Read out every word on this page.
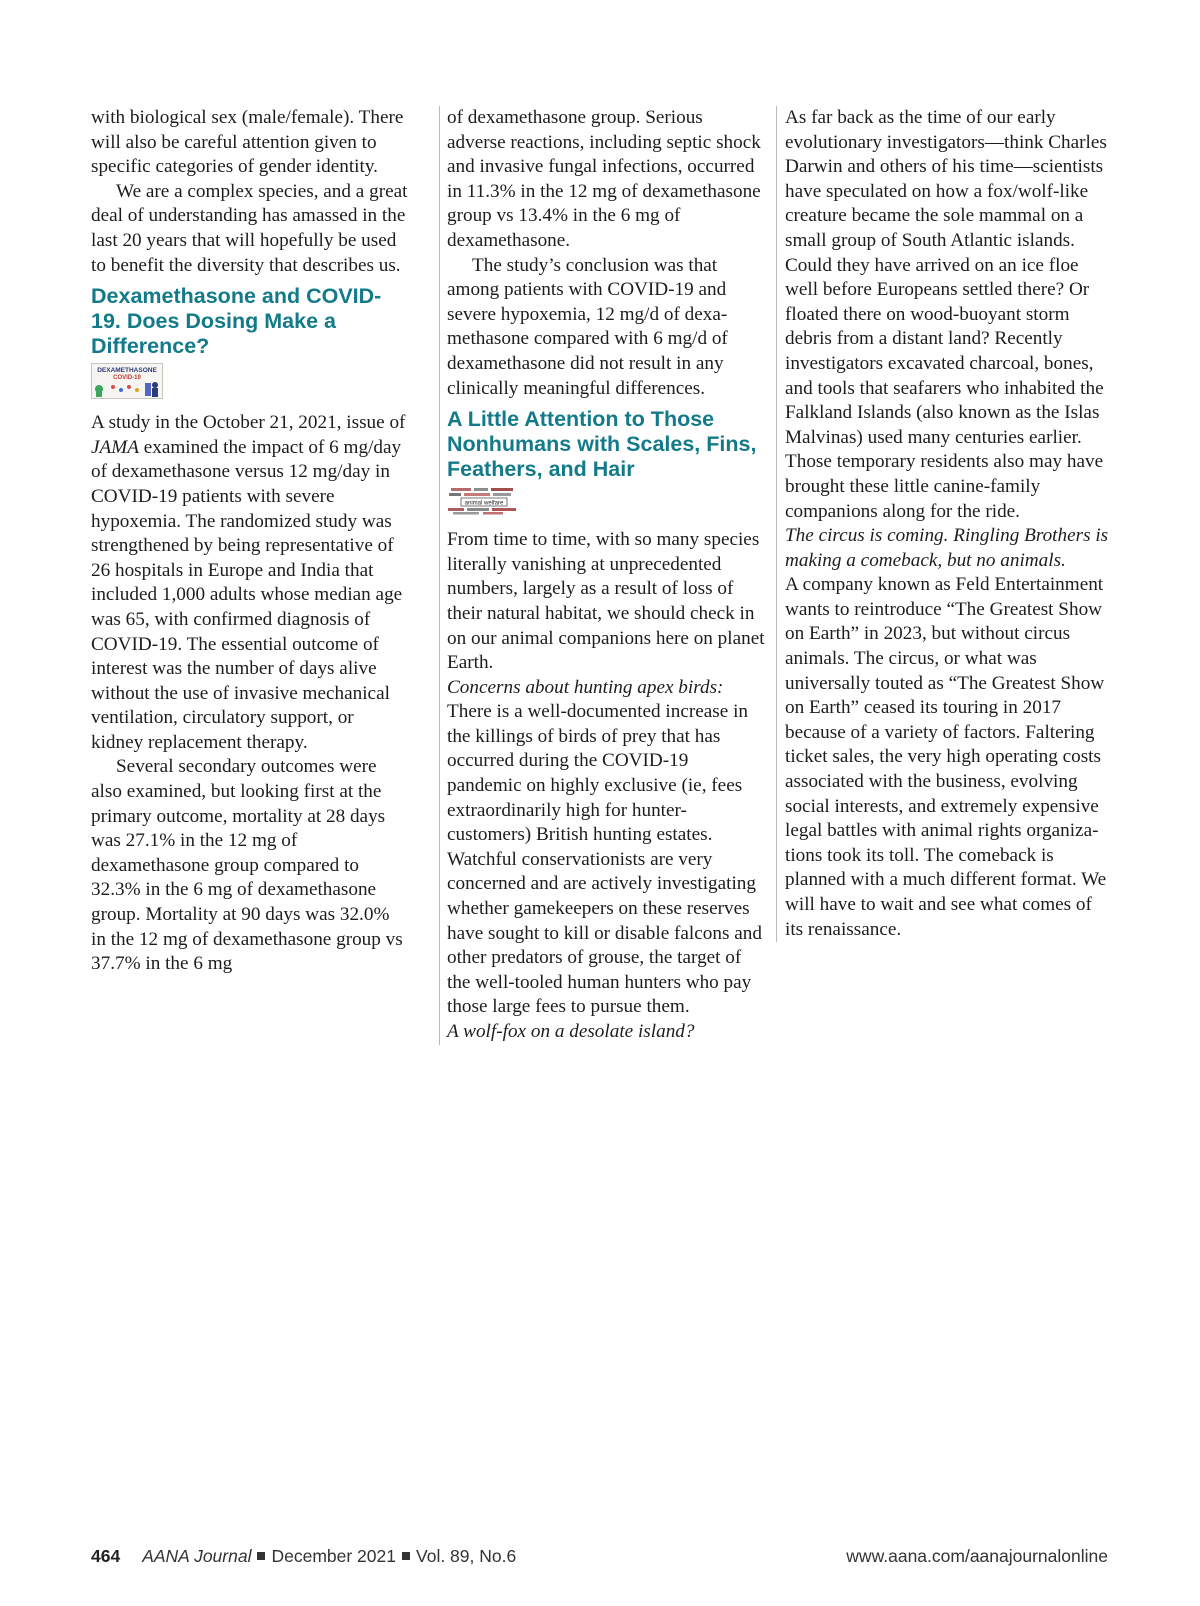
with biological sex (male/female). There will also be careful attention given to specific categories of gender identity.

We are a complex species, and a great deal of understanding has amassed in the last 20 years that will hopefully be used to benefit the diversity that describes us.

Dexamethasone and COVID-19. Does Dosing Make a Difference?
DEXAMETHASONE
COVID-19

A study in the October 21, 2021, issue of JAMA examined the impact of 6 mg/day of dexamethasone versus 12 mg/day in COVID-19 patients with severe hypoxemia. The randomized study was strengthened by being representative of 26 hospitals in Europe and India that included 1,000 adults whose median age was 65, with confirmed diagnosis of COVID-19. The essential outcome of interest was the number of days alive without the use of invasive mechanical ventilation, circulatory support, or kidney replacement therapy.

Several secondary outcomes were also examined, but looking first at the primary outcome, mortality at 28 days was 27.1% in the 12 mg of dexamethasone group compared to 32.3% in the 6 mg of dexamethasone group. Mortality at 90 days was 32.0% in the 12 mg of dexamethasone group vs 37.7% in the 6 mg

of dexamethasone group. Serious adverse reactions, including septic shock and invasive fungal infections, occurred in 11.3% in the 12 mg of dexamethasone group vs 13.4% in the 6 mg of dexamethasone.

The study’s conclusion was that among patients with COVID-19 and severe hypoxemia, 12 mg/d of dexamethasone compared with 6 mg/d of dexamethasone did not result in any clinically meaningful differences.

A Little Attention to Those Nonhumans with Scales, Fins, Feathers, and Hair
animal welfare

From time to time, with so many species literally vanishing at unprecedented numbers, largely as a result of loss of their natural habitat, we should check in on our animal companions here on planet Earth.

Concerns about hunting apex birds:

There is a well-documented increase in the killings of birds of prey that has occurred during the COVID-19 pandemic on highly exclusive (ie, fees extraordinarily high for hunter-customers) British hunting estates. Watchful conservationists are very concerned and are actively investigating whether gamekeepers on these reserves have sought to kill or disable falcons and other predators of grouse, the target of the well-tooled human hunters who pay those large fees to pursue them.

A wolf-fox on a desolate island?

As far back as the time of our early evolutionary investigators—think Charles Darwin and others of his time—scientists have speculated on how a fox/wolf-like creature became the sole mammal on a small group of South Atlantic islands. Could they have arrived on an ice floe well before Europeans settled there? Or floated there on wood-buoyant storm debris from a distant land? Recently investigators excavated charcoal, bones, and tools that seafarers who inhabited the Falkland Islands (also known as the Islas Malvinas) used many centuries earlier. Those temporary residents also may have brought these little canine-family companions along for the ride.

The circus is coming. Ringling Brothers is making a comeback, but no animals.

A company known as Feld Entertainment wants to reintroduce “The Greatest Show on Earth” in 2023, but without circus animals. The circus, or what was universally touted as “The Greatest Show on Earth” ceased its touring in 2017 because of a variety of factors. Faltering ticket sales, the very high operating costs associated with the business, evolving social interests, and extremely expensive legal battles with animal rights organizations took its toll. The comeback is planned with a much different format. We will have to wait and see what comes of its renaissance.

464 AANA Journal December 2021 Vol. 89, No.6	www.aana.com/aanajournalonline
